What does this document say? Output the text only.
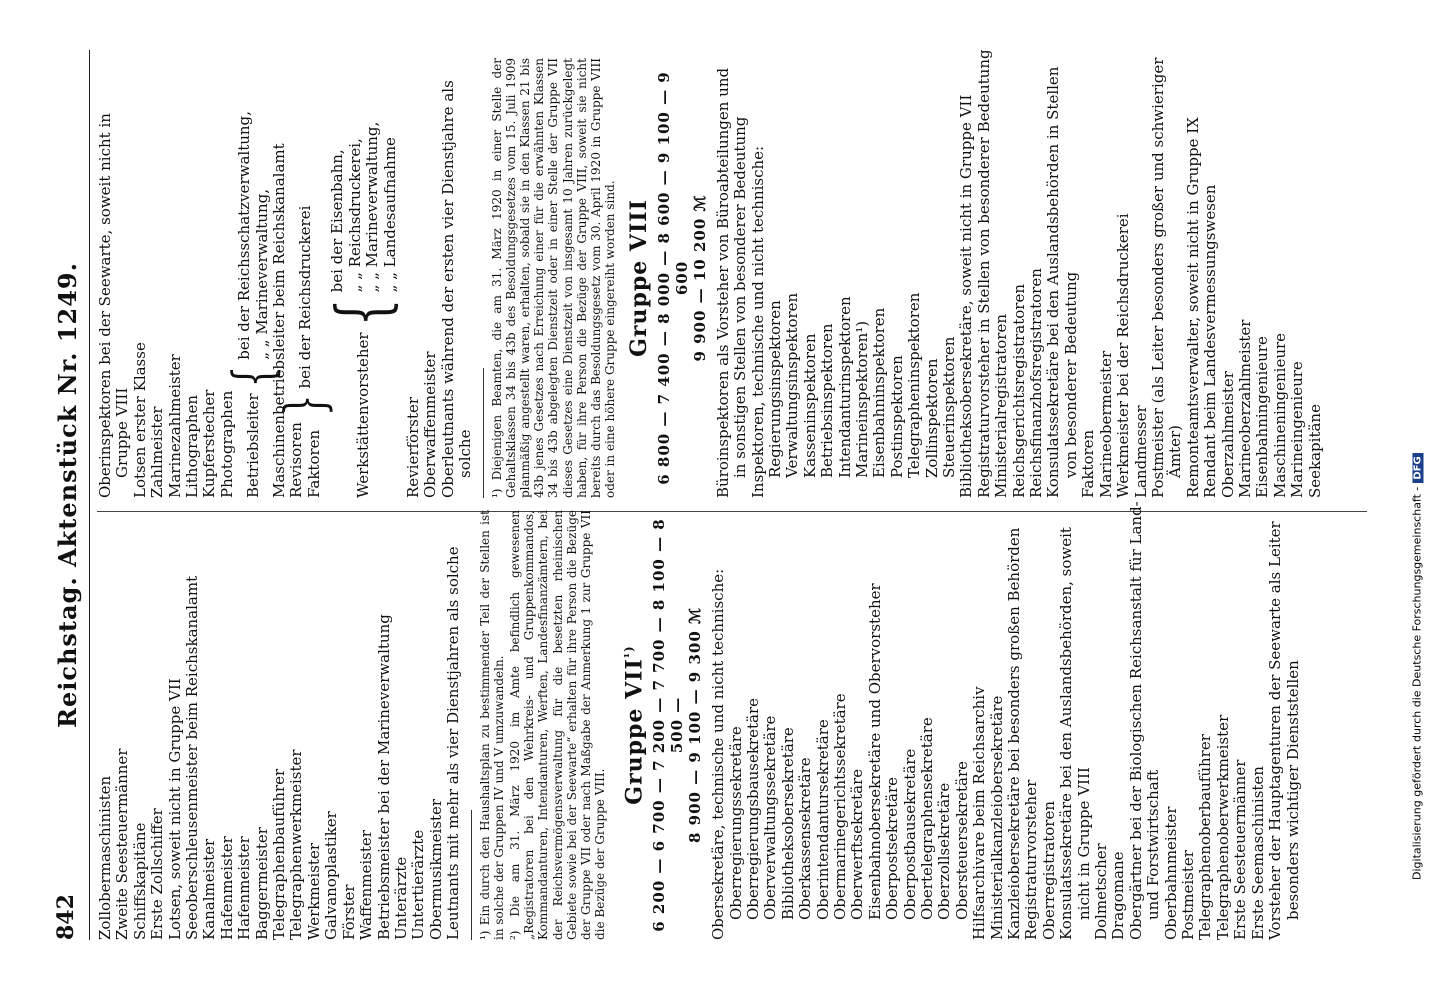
842
Reichstag. Aktenstück Nr. 1249.
Zollobermaschinisten Zweite Seesteuermänner Schiffskapitäne Erste Zollschiffer Lotsen, soweit nicht in Gruppe VII Seeoberschleusenmeister beim Reichskanalamt Kanalmeister Hafenmeister Hafenmeister Baggermeister Telegraphenbauführer Telegraphenwerkmeister Werkmeister Galvanoplastiker Förster Waffenmeister Betriebsmeister bei der Marineverwaltung Unterärzte Untertierärzte Obermusikmeister Leutnants mit mehr als vier Dienstjahren als solche ¹) Ein durch den Haushaltsplan zu bestimmender Teil der Stellen ist in solche der Gruppen IV und V umzuwandeln. ²) Die am 31. März 1920 im Amte befindlich gewesenen „Registratoren bei den Wehrkreis- und Gruppenkommandos, Kommandanturen, Intendanturen, Werften, Landesfinanzämtern, bei der Reichsvermögensverwaltung für die besetzten rheinischen Gebiete sowie bei der Seewarte“ erhalten für ihre Person die Bezüge der Gruppe VII oder nach Maßgabe der Anmerkung 1 zur Gruppe VII die Bezüge der Gruppe VIII.
Gruppe $VII^{^1)}$ 6 200 — 6 700 — 7 200 — 7 700 — 8 100 — 8 500 — 8 900 — 9 100 — 9 300 ℳ Obersekretäre, technische und nicht technische: Oberregierungssekretäre Oberregierungsbausekretäre Oberverwaltungssekretäre Bibliotheksobersekretäre Oberkassensekretäre Oberintendantursekretäre Obermarinegerichtssekretäre Oberwerftsekretäre Eisenbahnobersekretäre und Obervorsteher Oberpostsekretäre Oberpostbausekretäre Obertelegraphensekretäre Oberzollsekretäre Obersteuersekretäre Hilfsarchivare beim Reichsarchiv Ministerialkanzleiobersekretäre Kanzleiobersekretäre bei besonders großen Behörden Registraturvorsteher Oberregistratoren Konsulatssekretäre bei den Auslandsbehörden, soweit nicht in Gruppe VIII Dolmetscher Dragomane Obergärtner bei der Biologischen Reichsanstalt für Land- und Forstwirtschaft Oberbahnmeister Postmeister Telegraphenoberbauführer Telegraphenoberwerkmeister Erste Seesteuermänner Erste Seemaschinisten Vorsteher der Hauptagenturen der Seewarte als Leiter besonders wichtiger Dienststellen
Oberinspektoren bei der Seewarte, soweit nicht in Gruppe VIII Lotsen erster Klasse Zahlmeister Marinezahlmeister Lithographen Kupferstecher Photographen Betriebsleiter
{
bei der Reichsschatzverwaltung, „ „ Marineverwaltung, Maschinenbetriebsleiter beim Reichskanalamt Revisoren Faktoren
}
bei der Reichsdruckerei
Werkstättenvorsteher
{
bei der Eisenbahn, „ „ Reichsdruckerei, „ „ Marineverwaltung, „ „ Landesaufnahme
Revierförster Oberwaffenmeister Oberleutnants während der ersten vier Dienstjahre als solche ¹) Diejenigen Beamten, die am 31. März 1920 in einer Stelle der Gehaltsklassen 34 bis 43b des Besoldungsgesetzes vom 15. Juli 1909 planmäßig angestellt waren, erhalten, sobald sie in den Klassen 21 bis 43b jenes Gesetzes nach Erreichung einer für die erwähnten Klassen 34 bis 43b abgelegten Dienstzeit oder in einer Stelle der Gruppe VII dieses Gesetzes eine Dienstzeit von insgesamt 10 Jahren zurückgelegt haben, für ihre Person die Bezüge der Gruppe VIII, soweit sie nicht bereits durch das Besoldungsgesetz vom 30. April 1920 in Gruppe VIII oder in eine höhere Gruppe eingereiht worden sind. Gruppe VIII 6 800 — 7 400 — 8 000 — 8 600 — 9 100 — 9 600 9 900 — 10 200 ℳ Büroinspektoren als Vorsteher von Büroabteilungen und in sonstigen Stellen von besonderer Bedeutung Inspektoren, technische und nicht technische: Regierungsinspektoren Verwaltungsinspektoren Kasseninspektoren Betriebsinspektoren Intendanturinspektoren Marineinspektoren¹) Eisenbahninspektoren Postinspektoren Telegrapheninspektoren Zollinspektoren Steuerinspektoren Bibliotheksobersekretäre, soweit nicht in Gruppe VII Registraturvorsteher in Stellen von besonderer Bedeutung Ministerialregistratoren Reichsgerichtsregistratoren Reichsfinanzhofsregistratoren Konsulatssekretäre bei den Auslandsbehörden in Stellen von besonderer Bedeutung Faktoren Marineobermeister Werkmeister bei der Reichsdruckerei Landmesser Postmeister (als Leiter besonders großer und schwieriger Ämter) Remonteamtsverwalter, soweit nicht in Gruppe IX Rendant beim Landesvermessungswesen Oberzahlmeister Marineoberzahlmeister Eisenbahningenieure Maschineningenieure Marineingenieure Seekapitäne
Digitalisierung gefördert durch die Deutsche Forschungsgemeinschaft -DFG
